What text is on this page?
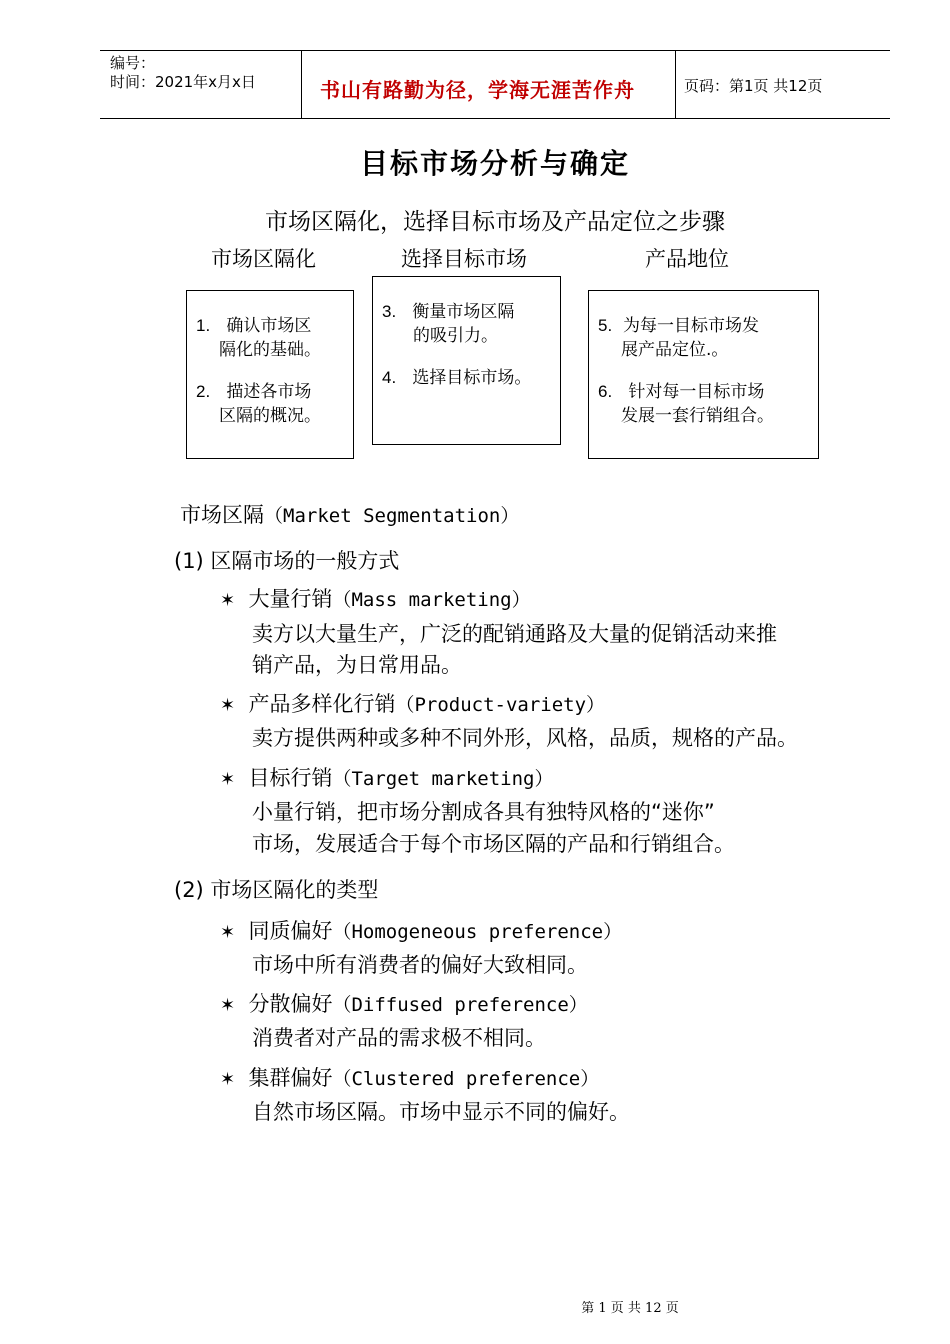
编号：
时间：2021年x月x日	书山有路勤为径，学海无涯苦作舟	页码：第1页 共12页
目标市场分析与确定
市场区隔化，选择目标市场及产品定位之步骤
市场区隔化	选择目标市场	产品地位
1. 确认市场区
隔化的基础。
2. 描述各市场
区隔的概况。
3. 衡量市场区隔
的吸引力。
4. 选择目标市场。
5. 为每一目标市场发
展产品定位.。
6. 针对每一目标市场
发展一套行销组合。
市场区隔（Market Segmentation）
(1) 区隔市场的一般方式
✶ 大量行销（Mass marketing）
卖方以大量生产，广泛的配销通路及大量的促销活动来推
销产品，为日常用品。
✶ 产品多样化行销（Product-variety）
卖方提供两种或多种不同外形，风格，品质，规格的产品。
✶ 目标行销（Target marketing）
小量行销，把市场分割成各具有独特风格的“迷你”
市场，发展适合于每个市场区隔的产品和行销组合。
(2) 市场区隔化的类型
✶ 同质偏好（Homogeneous preference）
市场中所有消费者的偏好大致相同。
✶ 分散偏好（Diffused preference）
消费者对产品的需求极不相同。
✶ 集群偏好（Clustered preference）
自然市场区隔。市场中显示不同的偏好。
第 1 页 共 12 页
